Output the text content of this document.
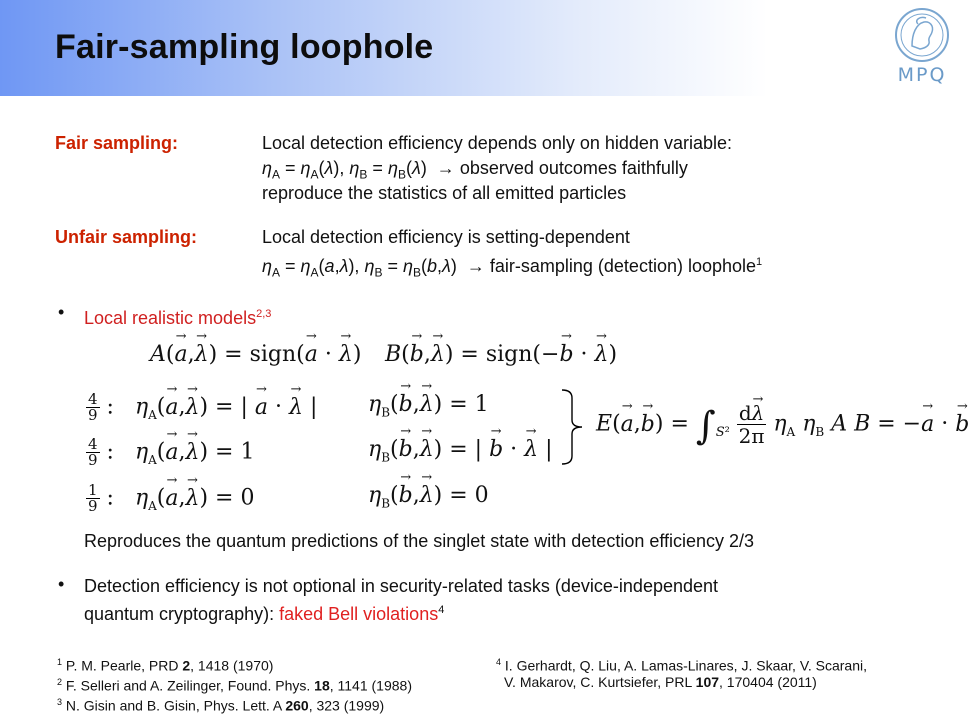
Fair-sampling loophole
MPQ
Fair sampling:	Local detection efficiency depends only on hidden variable:
$\eta_A = \eta_A(\lambda)$, $\eta_B = \eta_B(\lambda)$  → observed outcomes faithfully
reproduce the statistics of all emitted particles
Unfair sampling:	Local detection efficiency is setting-dependent
$\eta_A = \eta_A(a,\lambda)$, $\eta_B = \eta_B(b,\lambda)$  → fair-sampling (detection) loophole$^1$
• Local realistic models$^{2,3}$
A(→ a,→ λ) = sign(→ a · → λ) B(→ b,→ λ) = sign(−→ b · → λ)
$\frac{4}{9}$ :   $\eta_A(\to a,\to \lambda)$ = | → a · → λ | $\eta_B(\to b,\to \lambda) = 1$
$\frac{4}{9}$ :   $\eta_A(\to a,\to \lambda) = 1$	$\eta_B(\to b,\to \lambda)$ = | → b · → λ |
$\frac{1}{9}$ :   $\eta_A(\to a,\to \lambda) = 0$	$\eta_B(\to b,\to \lambda) = 0$
$E(\to a,\to b) = \int_{S^2} \frac{d\to \lambda}{2\pi} \eta_A$ $\eta_B$ A B = −→ a · → b
Reproduces the quantum predictions of the singlet state with detection efficiency 2/3
• Detection efficiency is not optional in security-related tasks (device-independent
quantum cryptography): faked Bell violations$^4$
$^1$ P. M. Pearle, PRD 2, 1418 (1970)
$^2$ F. Selleri and A. Zeilinger, Found. Phys. 18, 1141 (1988)
$^3$ N. Gisin and B. Gisin, Phys. Lett. A 260, 323 (1999)
$^4$ I. Gerhardt, Q. Liu, A. Lamas-Linares, J. Skaar, V. Scarani,
V. Makarov, C. Kurtsiefer, PRL 107, 170404 (2011)
